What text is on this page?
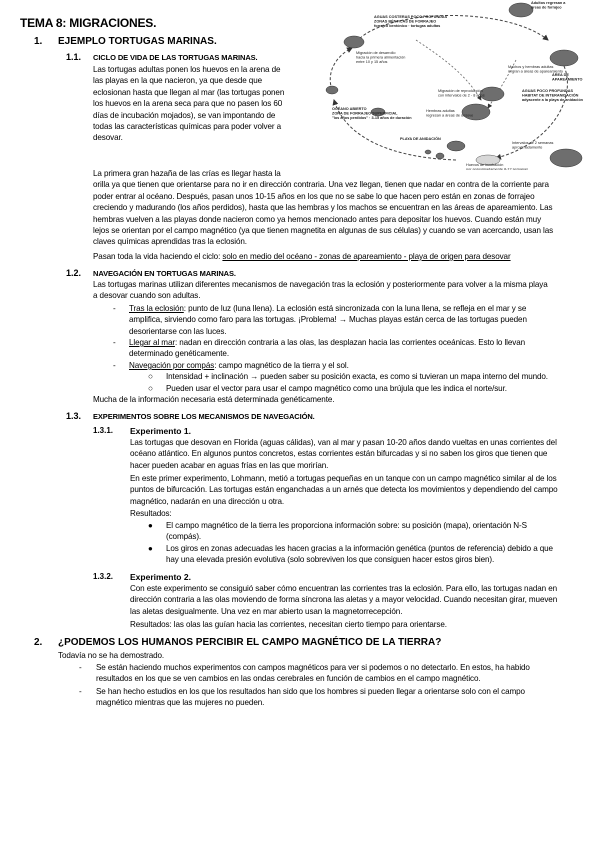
TEMA 8: MIGRACIONES.
1. EJEMPLO TORTUGAS MARINAS.
1.1. CICLO DE VIDA DE LAS TORTUGAS MARINAS.
Las tortugas adultas ponen los huevos en la arena de
las playas en la que nacieron, ya que desde que
eclosionan hasta que llegan al mar (las tortugas ponen
los huevos en la arena seca para que no pasen los 60
días de incubación mojados), se van impontando de
todas las características químicas para poder volver a
desovar.
La primera gran hazaña de las crías es llegar hasta la
orilla ya que tienen que orientarse para no ir en dirección contraria. Una vez llegan, tienen que nadar en contra de la corriente para
poder entrar al océano. Después, pasan unos 10-15 años en los que no se sabe lo que hacen pero están en zonas de forrajeo
creciendo y madurando (los años perdidos), hasta que las hembras y los machos se encuentran en las áreas de apareamiento. Las
hembras vuelven a las playas donde nacieron como ya hemos mencionado antes para depositar los huevos. Cuando están muy
lejos se orientan por el campo magnético (ya que tienen magnetita en algunas de sus células) y cuando se van acercando, usan las
claves químicas aprendidas tras la eclosión.
Pasan toda la vida haciendo el ciclo: solo en medio del océano - zonas de apareamiento - playa de origen para desovar
Adultos regresan a áreas de forrajeo
AGUAS COSTERAS POCO PROFUNDAS ZONAS BÉNTICAS DE FORRAJEO forrajeo bentónico · tortugas adultas
Migración de desarrollo hacia la primera alimentación entre 10 y 15 años
Machos y hembras adultas migran a áreas de apareamiento
ÁREA DE APAREAMIENTO
OCÉANO ABIERTO ZONA DE FORRAJEO SUPERFICIAL "los años perdidos" · 3-15 años de duración
Migración de reproducción con intervalos de 2 - 8 años
Hembras adultas regresan a áreas de desove
AGUAS POCO PROFUNDAS HABITAT DE INTERANIDACIÓN adyacente a la playa de anidación
PLAYA DE ANIDACIÓN
Intervalos de 2 semanas aproximadamente
Huevos de incubación por aproximadamente 8-12 semanas
1.2. NAVEGACIÓN EN TORTUGAS MARINAS.
Las tortugas marinas utilizan diferentes mecanismos de navegación tras la eclosión y posteriormente para volver a la misma playa
a desovar cuando son adultas.
- Tras la eclosión: punto de luz (luna llena). La eclosión está sincronizada con la luna llena, se refleja en el mar y se
amplifica, sirviendo como faro para las tortugas. ¡Problema! → Muchas playas están cerca de las tortugas pueden
desorientarse con las luces.
- Llegar al mar: nadan en dirección contraria a las olas, las desplazan hacia las corrientes oceánicas. Esto lo llevan
determinado genéticamente.
- Navegación por compás: campo magnético de la tierra y el sol.
○ Intensidad + inclinación → pueden saber su posición exacta, es como si tuvieran un mapa interno del mundo.
○ Pueden usar el vector para usar el campo magnético como una brújula que les indica el norte/sur.
Mucha de la información necesaria está determinada genéticamente.
1.3. EXPERIMENTOS SOBRE LOS MECANISMOS DE NAVEGACIÓN.
1.3.1. Experimento 1.
Las tortugas que desovan en Florida (aguas cálidas), van al mar y pasan 10-20 años dando vueltas en unas corrientes del
océano atlántico. En algunos puntos concretos, estas corrientes están bifurcadas y si no saben los giros que tienen que
hacer pueden acabar en aguas frías en las que morirían.
En este primer experimento, Lohmann, metió a tortugas pequeñas en un tanque con un campo magnético similar al de los
puntos de bifurcación. Las tortugas están enganchadas a un arnés que detecta los movimientos y dependiendo del campo
magnético, nadarán en una dirección u otra.
Resultados:
● El campo magnético de la tierra les proporciona información sobre: su posición (mapa), orientación N-S
(compás).
● Los giros en zonas adecuadas les hacen gracias a la información genética (puntos de referencia) debido a que
hay una elevada presión evolutiva (solo sobreviven los que consiguen hacer estos giros bien).
1.3.2. Experimento 2.
Con este experimento se consiguió saber cómo encuentran las corrientes tras la eclosión. Para ello, las tortugas nadan en
dirección contraria a las olas moviendo de forma síncrona las aletas y a mayor velocidad. Cuando necesitan girar, mueven
las aletas desigualmente. Una vez en mar abierto usan la magnetorrecepción.
Resultados: las olas las guían hacia las corrientes, necesitan cierto tiempo para orientarse.
2. ¿PODEMOS LOS HUMANOS PERCIBIR EL CAMPO MAGNÉTICO DE LA TIERRA?
Todavía no se ha demostrado.
- Se están haciendo muchos experimentos con campos magnéticos para ver si podemos o no detectarlo. En estos, ha habido
resultados en los que se ven cambios en las ondas cerebrales en función de cambios en el campo magnético.
- Se han hecho estudios en los que los resultados han sido que los hombres si pueden llegar a orientarse solo con el campo
magnético mientras que las mujeres no pueden.
